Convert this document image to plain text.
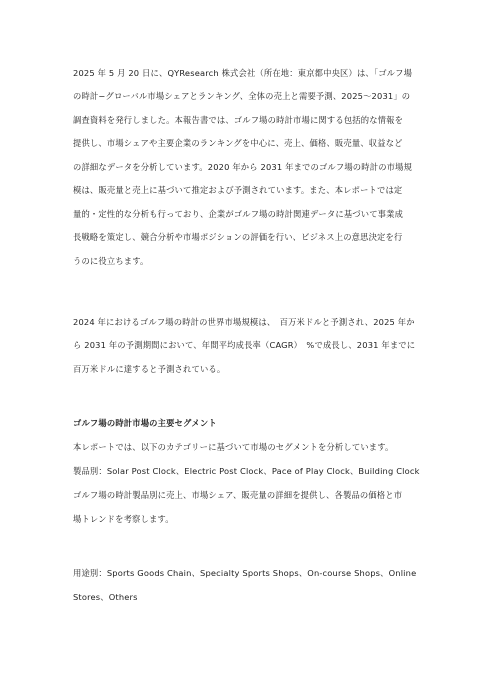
2025 年 5 月 20 日に、QYResearch 株式会社（所在地：東京都中央区）は、「ゴルフ場
の時計−グローバル市場シェアとランキング、全体の売上と需要予測、2025〜2031」の
調査資料を発行しました。本報告書では、ゴルフ場の時計市場に関する包括的な情報を
提供し、市場シェアや主要企業のランキングを中心に、売上、価格、販売量、収益など
の詳細なデータを分析しています。2020 年から 2031 年までのゴルフ場の時計の市場規
模は、販売量と売上に基づいて推定および予測されています。また、本レポートでは定
量的・定性的な分析も行っており、企業がゴルフ場の時計関連データに基づいて事業成
長戦略を策定し、競合分析や市場ポジションの評価を行い、ビジネス上の意思決定を行
うのに役立ちます。
2024 年におけるゴルフ場の時計の世界市場規模は、　百万米ドルと予測され、2025 年か
ら 2031 年の予測期間において、年間平均成長率（CAGR）　%で成長し、2031 年までに
百万米ドルに達すると予測されている。
ゴルフ場の時計市場の主要セグメント
本レポートでは、以下のカテゴリーに基づいて市場のセグメントを分析しています。
製品別：Solar Post Clock、Electric Post Clock、Pace of Play Clock、Building Clock
ゴルフ場の時計製品別に売上、市場シェア、販売量の詳細を提供し、各製品の価格と市
場トレンドを考察します。
用途別：Sports Goods Chain、Specialty Sports Shops、On-course Shops、Online
Stores、Others
